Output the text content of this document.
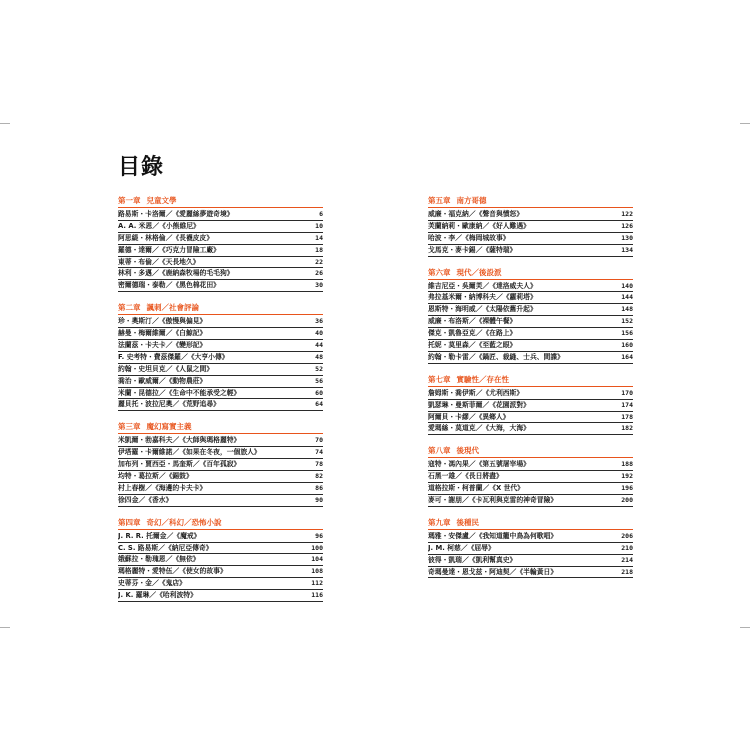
目錄
第一章 兒童文學
路易斯・卡洛爾／《愛麗絲夢遊奇境》	6
A. A. 米恩／《小熊維尼》	10
阿思緹・林格倫／《長襪皮皮》	14
羅德・達爾／《巧克力冒險工廠》	18
東蒂・布倫／《天長地久》	22
林利・多邁／《鹿納森牧場的毛毛狗》	26
密爾德瑞・泰勒／《黑色棉花田》	30
第二章 諷刺／社會評論
珍・奧斯汀／《傲慢與偏見》	36
赫曼・梅爾維爾／《白鯨記》	40
法蘭茲・卡夫卡／《變形記》	44
F. 史考特・費茲傑羅／《大亨小傳》	48
約翰・史坦貝克／《人鼠之間》	52
喬治・歐威爾／《動物農莊》	56
米蘭・昆德拉／《生命中不能承受之輕》	60
麗貝托・波拉尼奧／《荒野追尋》	64
第三章 魔幻寫實主義
米凱爾・勃嘉科夫／《大師與瑪格麗特》	70
伊塔羅・卡爾維諾／《如果在冬夜，一個旅人》	74
加布列・賈西亞・馬奎斯／《百年孤寂》	78
均特・葛拉斯／《錫鼓》	82
村上春樹／《海邊的卡夫卡》	86
徐四金／《香水》	90
第四章 奇幻／科幻／恐怖小說
J. R. R. 托爾金／《魔戒》	96
C. S. 路易斯／《納尼亞傳奇》	100
娥蘇拉・勒瑰恩／《無依》	104
瑪格麗特・愛特伍／《使女的故事》	108
史蒂芬・金／《鬼店》	112
J. K. 羅琳／《哈利波特》	116
第五章 南方哥德
威廉・福克納／《聲音與憤怒》	122
芙蘭納莉・歐康納／《好人難遇》	126
哈波・李／《梅岡城故事》	130
戈馬克・麥卡錫／《薩特瑞》	134
第六章 現代／後設派
維吉尼亞・吳爾芙／《達洛威夫人》	140
弗拉基米爾・納博科夫／《蘿莉塔》	144
恩斯特・海明威／《太陽依舊升起》	148
威廉・布洛斯／《裸體午餐》	152
傑克・凱魯亞克／《在路上》	156
托妮・莫里森／《至藍之眼》	160
約翰・勒卡雷／《鍋匠、裁縫、士兵、間諜》	164
第七章 實驗性／存在性
詹姆斯・喬伊斯／《尤利西斯》	170
凱瑟琳・曼斯菲爾／《花園派對》	174
阿爾貝・卡繆／《異鄉人》	178
愛瑪絲・莫道克／《大海，大海》	182
第八章 後現代
寇特・馮內果／《第五號屠宰場》	188
石黑一雄／《長日將盡》	192
道格拉斯・柯普蘭／《X 世代》	196
麥可・謝朋／《卡瓦利與克雷的神奇冒險》	200
第九章 後種民
瑪雅・安傑盧／《我知道籠中鳥為何歌唱》	206
J. M. 柯慈／《屈辱》	210
彼得・凱瑞／《凱利幫真史》	214
奇瑪曼達・恩戈兹・阿迪契／《半輪黃日》	218
